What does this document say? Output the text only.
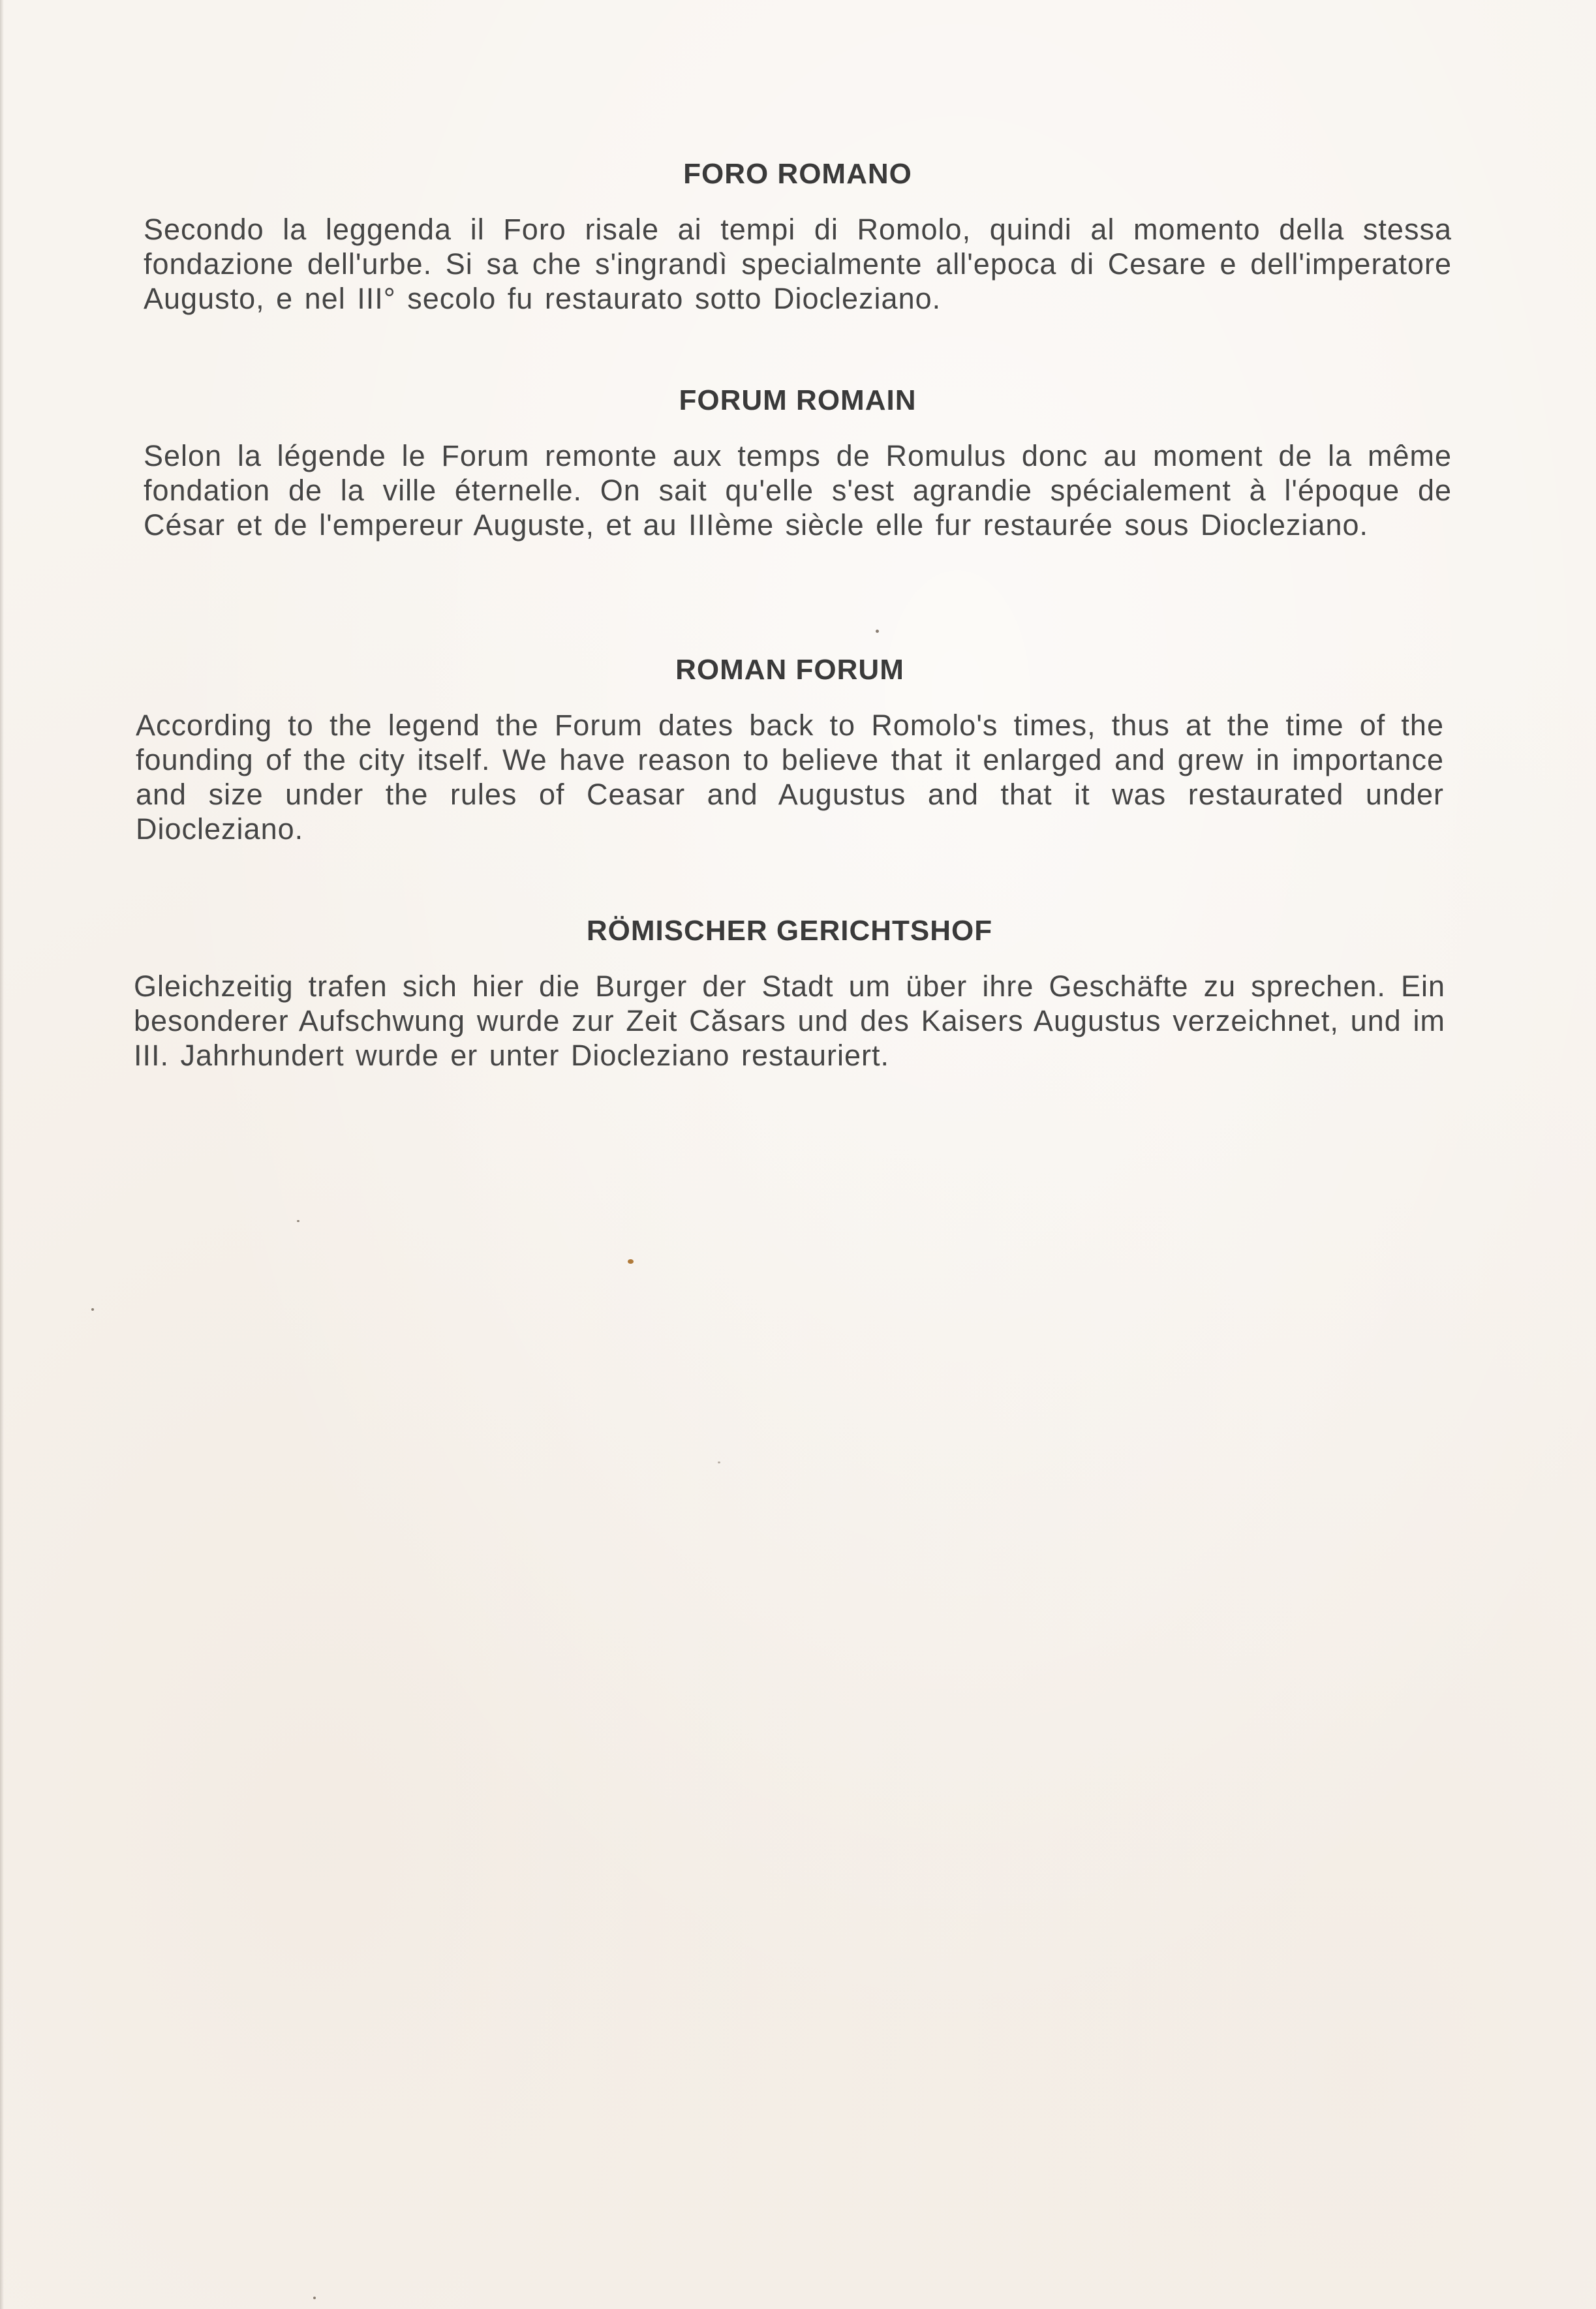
FORO ROMANO

Secondo la leggenda il Foro risale ai tempi di Romolo, quindi al momento della stessa fondazione dell'urbe. Si sa che s'ingrandì specialmente all'epoca di Cesare e dell'imperatore Augusto, e nel III° secolo fu restaurato sotto Diocleziano.

FORUM ROMAIN

Selon la légende le Forum remonte aux temps de Romulus donc au moment de la même fondation de la ville éternelle. On sait qu'elle s'est agrandie spécialement à l'époque de César et de l'empereur Auguste, et au IIIème siècle elle fur restaurée sous Diocleziano.

ROMAN FORUM

According to the legend the Forum dates back to Romolo's times, thus at the time of the founding of the city itself. We have reason to believe that it enlarged and grew in importance and size under the rules of Ceasar and Augustus and that it was restaurated under Diocleziano.

RÖMISCHER GERICHTSHOF

Gleichzeitig trafen sich hier die Burger der Stadt um über ihre Geschäfte zu sprechen. Ein besonderer Aufschwung wurde zur Zeit Căsars und des Kaisers Augustus verzeichnet, und im III. Jahrhundert wurde er unter Diocleziano restauriert.
